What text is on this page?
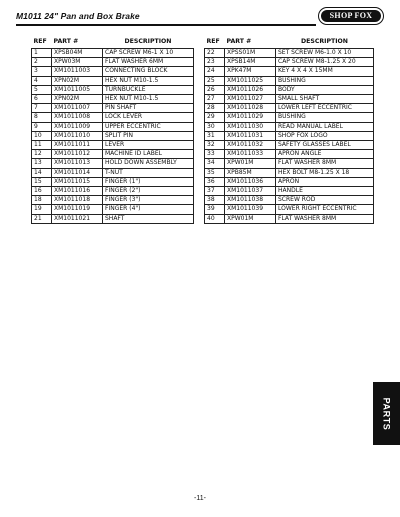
M1011 24" Pan and Box Brake	SHOP FOX
REF	PART #	DESCRIPTION
1	XPSB04M	CAP SCREW M6-1 X 10
2	XPW03M	FLAT WASHER 6MM
3	XM1011003	CONNECTING BLOCK
4	XPN02M	HEX NUT M10-1.5
5	XM1011005	TURNBUCKLE
6	XPN02M	HEX NUT M10-1.5
7	XM1011007	PIN SHAFT
8	XM1011008	LOCK LEVER
9	XM1011009	UPPER ECCENTRIC
10	XM1011010	SPLIT PIN
11	XM1011011	LEVER
12	XM1011012	MACHINE ID LABEL
13	XM1011013	HOLD DOWN ASSEMBLY
14	XM1011014	T-NUT
15	XM1011015	FINGER (1")
16	XM1011016	FINGER (2")
18	XM1011018	FINGER (3")
19	XM1011019	FINGER (4")
21	XM1011021	SHAFT
REF	PART #	DESCRIPTION
22	XPSS01M	SET SCREW M6-1.0 X 10
23	XPSB14M	CAP SCREW M8-1.25 X 20
24	XPK47M	KEY 4 X 4 X 15MM
25	XM1011025	BUSHING
26	XM1011026	BODY
27	XM1011027	SMALL SHAFT
28	XM1011028	LOWER LEFT ECCENTRIC
29	XM1011029	BUSHING
30	XM1011030	READ MANUAL LABEL
31	XM1011031	SHOP FOX LOGO
32	XM1011032	SAFETY GLASSES LABEL
33	XM1011033	APRON ANGLE
34	XPW01M	FLAT WASHER 8MM
35	XPB85M	HEX BOLT M8-1.25 X 18
36	XM1011036	APRON
37	XM1011037	HANDLE
38	XM1011038	SCREW ROD
39	XM1011039	LOWER RIGHT ECCENTRIC
40	XPW01M	FLAT WASHER 8MM
PARTS
-11-
